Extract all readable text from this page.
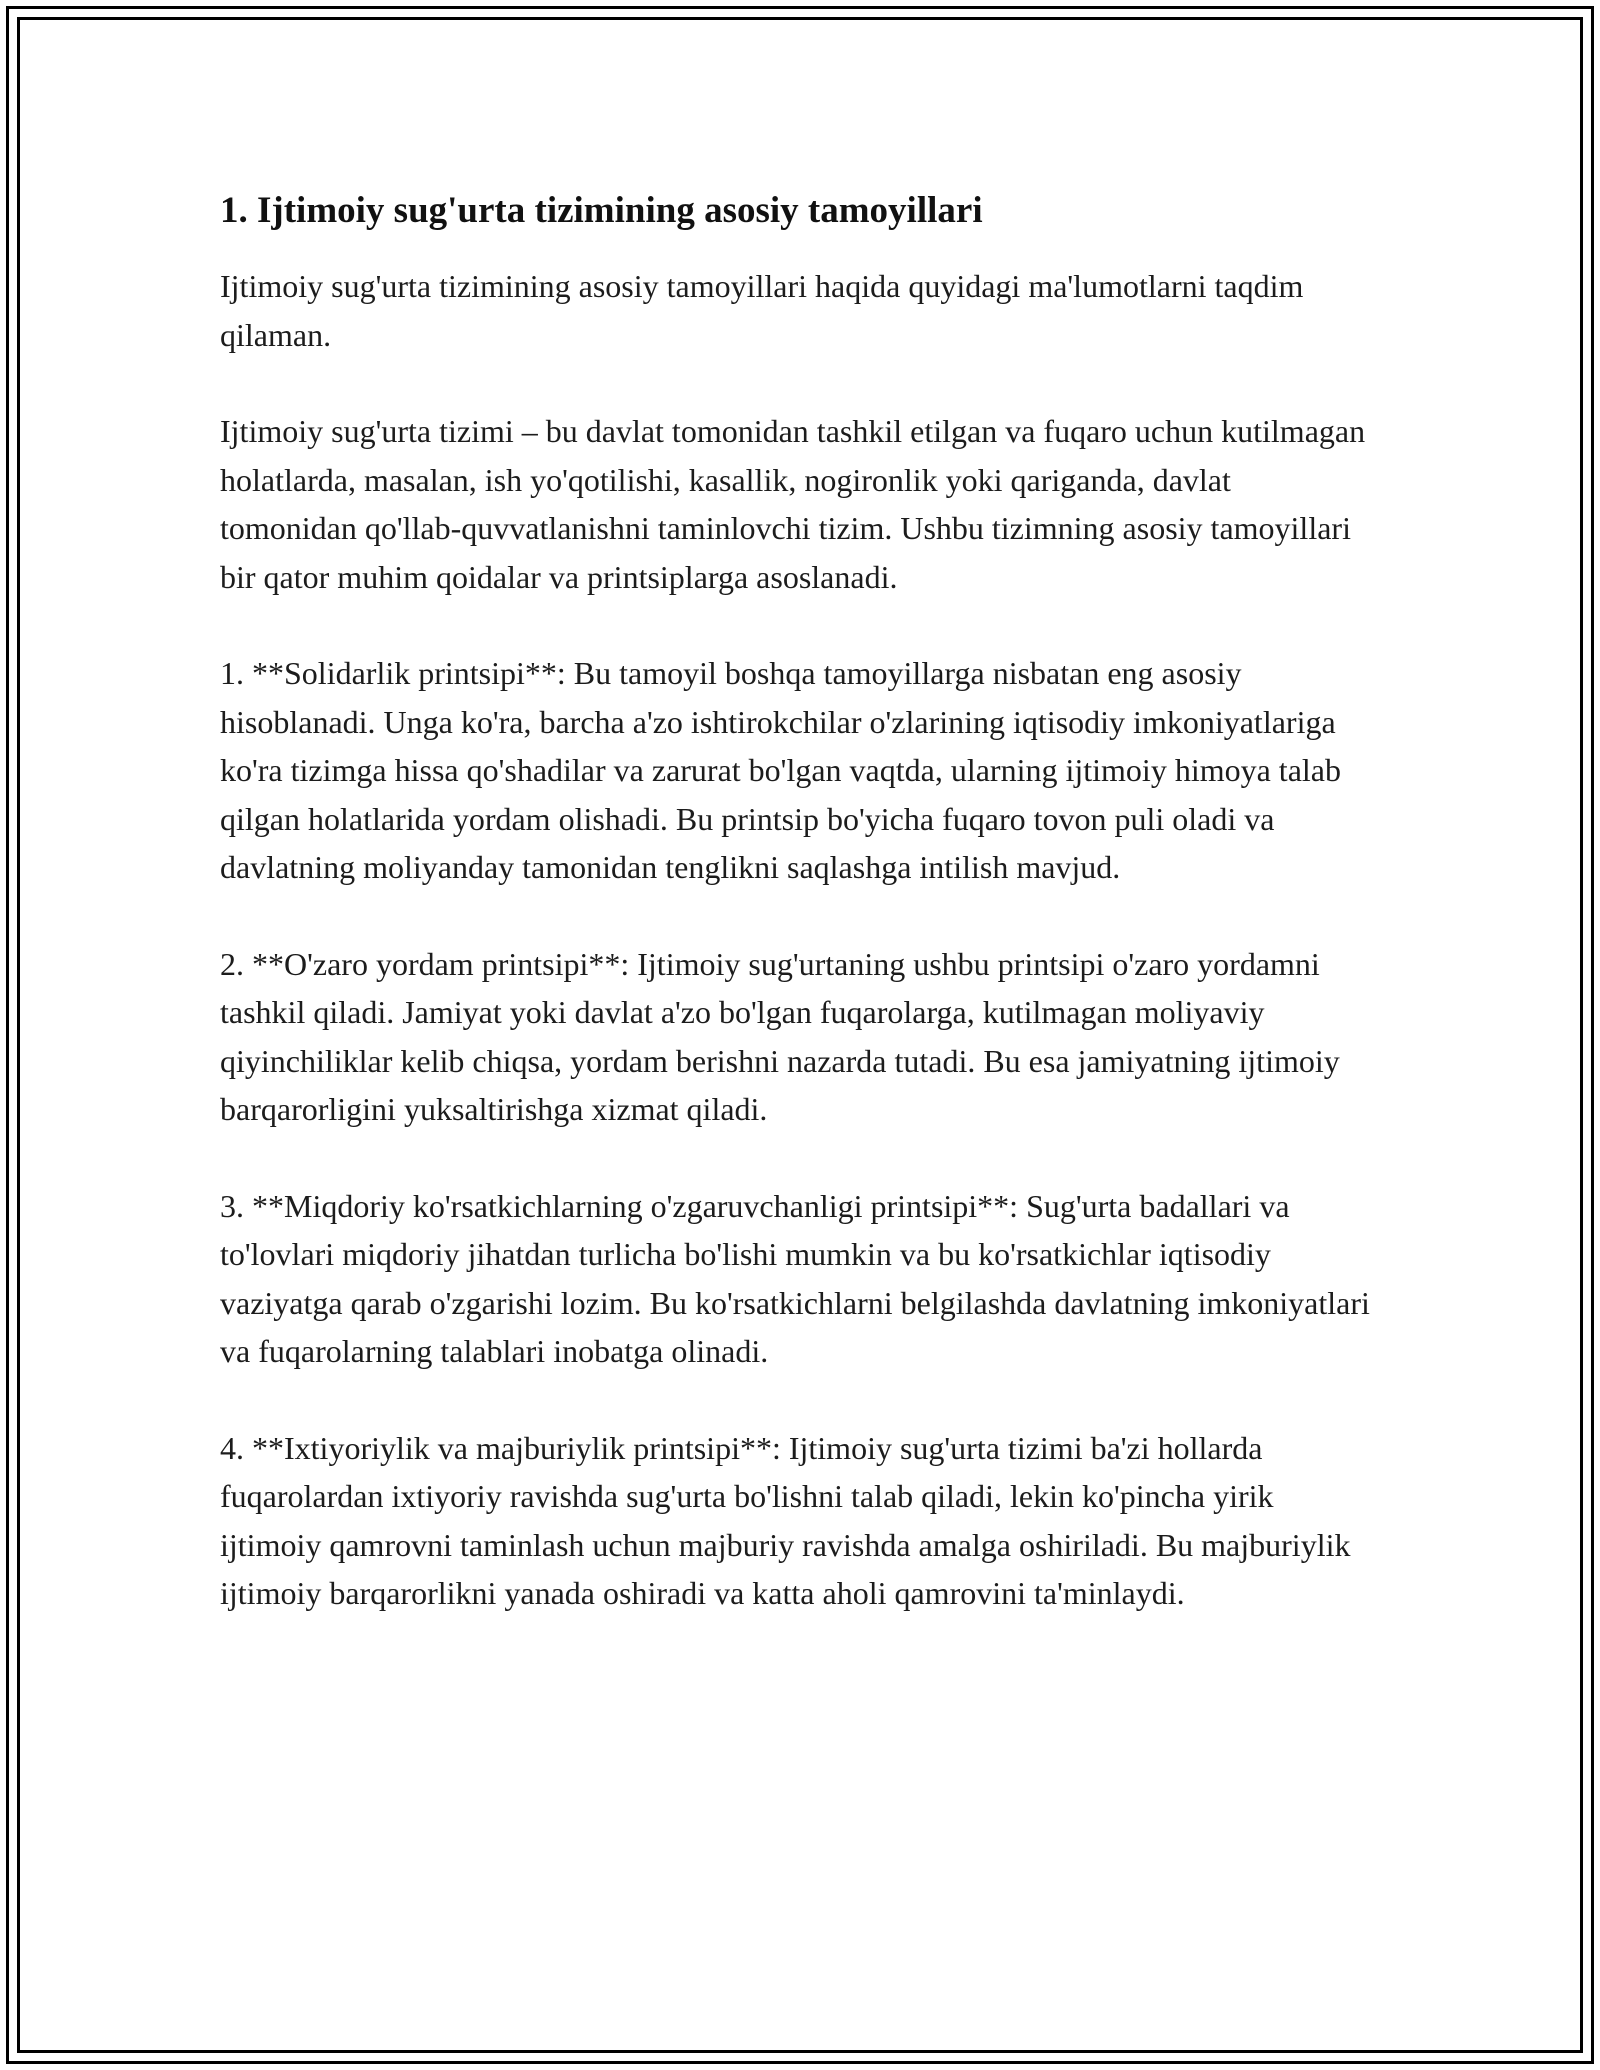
1. Ijtimoiy sug'urta tizimining asosiy tamoyillari

Ijtimoiy sug'urta tizimining asosiy tamoyillari haqida quyidagi ma'lumotlarni taqdim qilaman.

Ijtimoiy sug'urta tizimi – bu davlat tomonidan tashkil etilgan va fuqaro uchun kutilmagan holatlarda, masalan, ish yo'qotilishi, kasallik, nogironlik yoki qariganda, davlat tomonidan qo'llab-quvvatlanishni taminlovchi tizim. Ushbu tizimning asosiy tamoyillari bir qator muhim qoidalar va printsiplarga asoslanadi.

1. **Solidarlik printsipi**: Bu tamoyil boshqa tamoyillarga nisbatan eng asosiy hisoblanadi. Unga ko'ra, barcha a'zo ishtirokchilar o'zlarining iqtisodiy imkoniyatlariga ko'ra tizimga hissa qo'shadilar va zarurat bo'lgan vaqtda, ularning ijtimoiy himoya talab qilgan holatlarida yordam olishadi. Bu printsip bo'yicha fuqaro tovon puli oladi va davlatning moliyanday tamonidan tenglikni saqlashga intilish mavjud.

2. **O'zaro yordam printsipi**: Ijtimoiy sug'urtaning ushbu printsipi o'zaro yordamni tashkil qiladi. Jamiyat yoki davlat a'zo bo'lgan fuqarolarga, kutilmagan moliyaviy qiyinchiliklar kelib chiqsa, yordam berishni nazarda tutadi. Bu esa jamiyatning ijtimoiy barqarorligini yuksaltirishga xizmat qiladi.

3. **Miqdoriy ko'rsatkichlarning o'zgaruvchanligi printsipi**: Sug'urta badallari va to'lovlari miqdoriy jihatdan turlicha bo'lishi mumkin va bu ko'rsatkichlar iqtisodiy vaziyatga qarab o'zgarishi lozim. Bu ko'rsatkichlarni belgilashda davlatning imkoniyatlari va fuqarolarning talablari inobatga olinadi.

4. **Ixtiyoriylik va majburiylik printsipi**: Ijtimoiy sug'urta tizimi ba'zi hollarda fuqarolardan ixtiyoriy ravishda sug'urta bo'lishni talab qiladi, lekin ko'pincha yirik ijtimoiy qamrovni taminlash uchun majburiy ravishda amalga oshiriladi. Bu majburiylik ijtimoiy barqarorlikni yanada oshiradi va katta aholi qamrovini ta'minlaydi.
